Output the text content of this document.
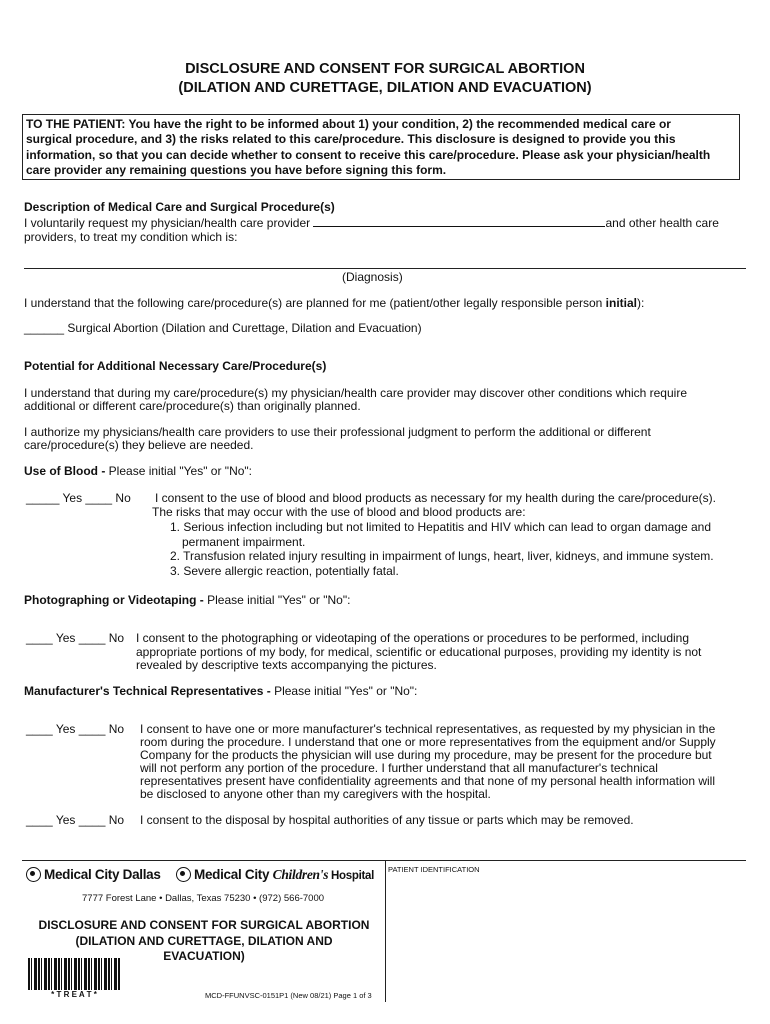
DISCLOSURE AND CONSENT FOR SURGICAL ABORTION
(DILATION AND CURETTAGE, DILATION AND EVACUATION)
TO THE PATIENT: You have the right to be informed about 1) your condition, 2) the recommended medical care or
surgical procedure, and 3) the risks related to this care/procedure. This disclosure is designed to provide you this
information, so that you can decide whether to consent to receive this care/procedure. Please ask your physician/health
care provider any remaining questions you have before signing this form.
Description of Medical Care and Surgical Procedure(s)
I voluntarily request my physician/health care provider	and other health care
providers, to treat my condition which is:
(Diagnosis)
I understand that the following care/procedure(s) are planned for me (patient/other legally responsible person initial):
______ Surgical Abortion (Dilation and Curettage, Dilation and Evacuation)
Potential for Additional Necessary Care/Procedure(s)
I understand that during my care/procedure(s) my physician/health care provider may discover other conditions which require
additional or different care/procedure(s) than originally planned.
I authorize my physicians/health care providers to use their professional judgment to perform the additional or different
care/procedure(s) they believe are needed.
Use of Blood - Please initial "Yes" or "No":
_____ Yes ____ No I consent to the use of blood and blood products as necessary for my health during the care/procedure(s).
The risks that may occur with the use of blood and blood products are:
1. Serious infection including but not limited to Hepatitis and HIV which can lead to organ damage and
permanent impairment.
2. Transfusion related injury resulting in impairment of lungs, heart, liver, kidneys, and immune system.
3. Severe allergic reaction, potentially fatal.
Photographing or Videotaping - Please initial "Yes" or "No":
____ Yes ____ No I consent to the photographing or videotaping of the operations or procedures to be performed, including
appropriate portions of my body, for medical, scientific or educational purposes, providing my identity is not
revealed by descriptive texts accompanying the pictures.
Manufacturer's Technical Representatives - Please initial "Yes" or "No":
____ Yes ____ No I consent to have one or more manufacturer's technical representatives, as requested by my physician in the
room during the procedure. I understand that one or more representatives from the equipment and/or Supply
Company for the products the physician will use during my procedure, may be present for the procedure but
will not perform any portion of the procedure. I further understand that all manufacturer's technical
representatives present have confidentiality agreements and that none of my personal health information will
be disclosed to anyone other than my caregivers with the hospital.
____ Yes ____ No I consent to the disposal by hospital authorities of any tissue or parts which may be removed.
Medical City Dallas	Medical City Children's Hospital
7777 Forest Lane • Dallas, Texas 75230 • (972) 566-7000
DISCLOSURE AND CONSENT FOR SURGICAL ABORTION
(DILATION AND CURETTAGE, DILATION AND
EVACUATION)
* T R E A T *	MCD-FFUNVSC-0151P1 (New 08/21) Page 1 of 3
PATIENT IDENTIFICATION
